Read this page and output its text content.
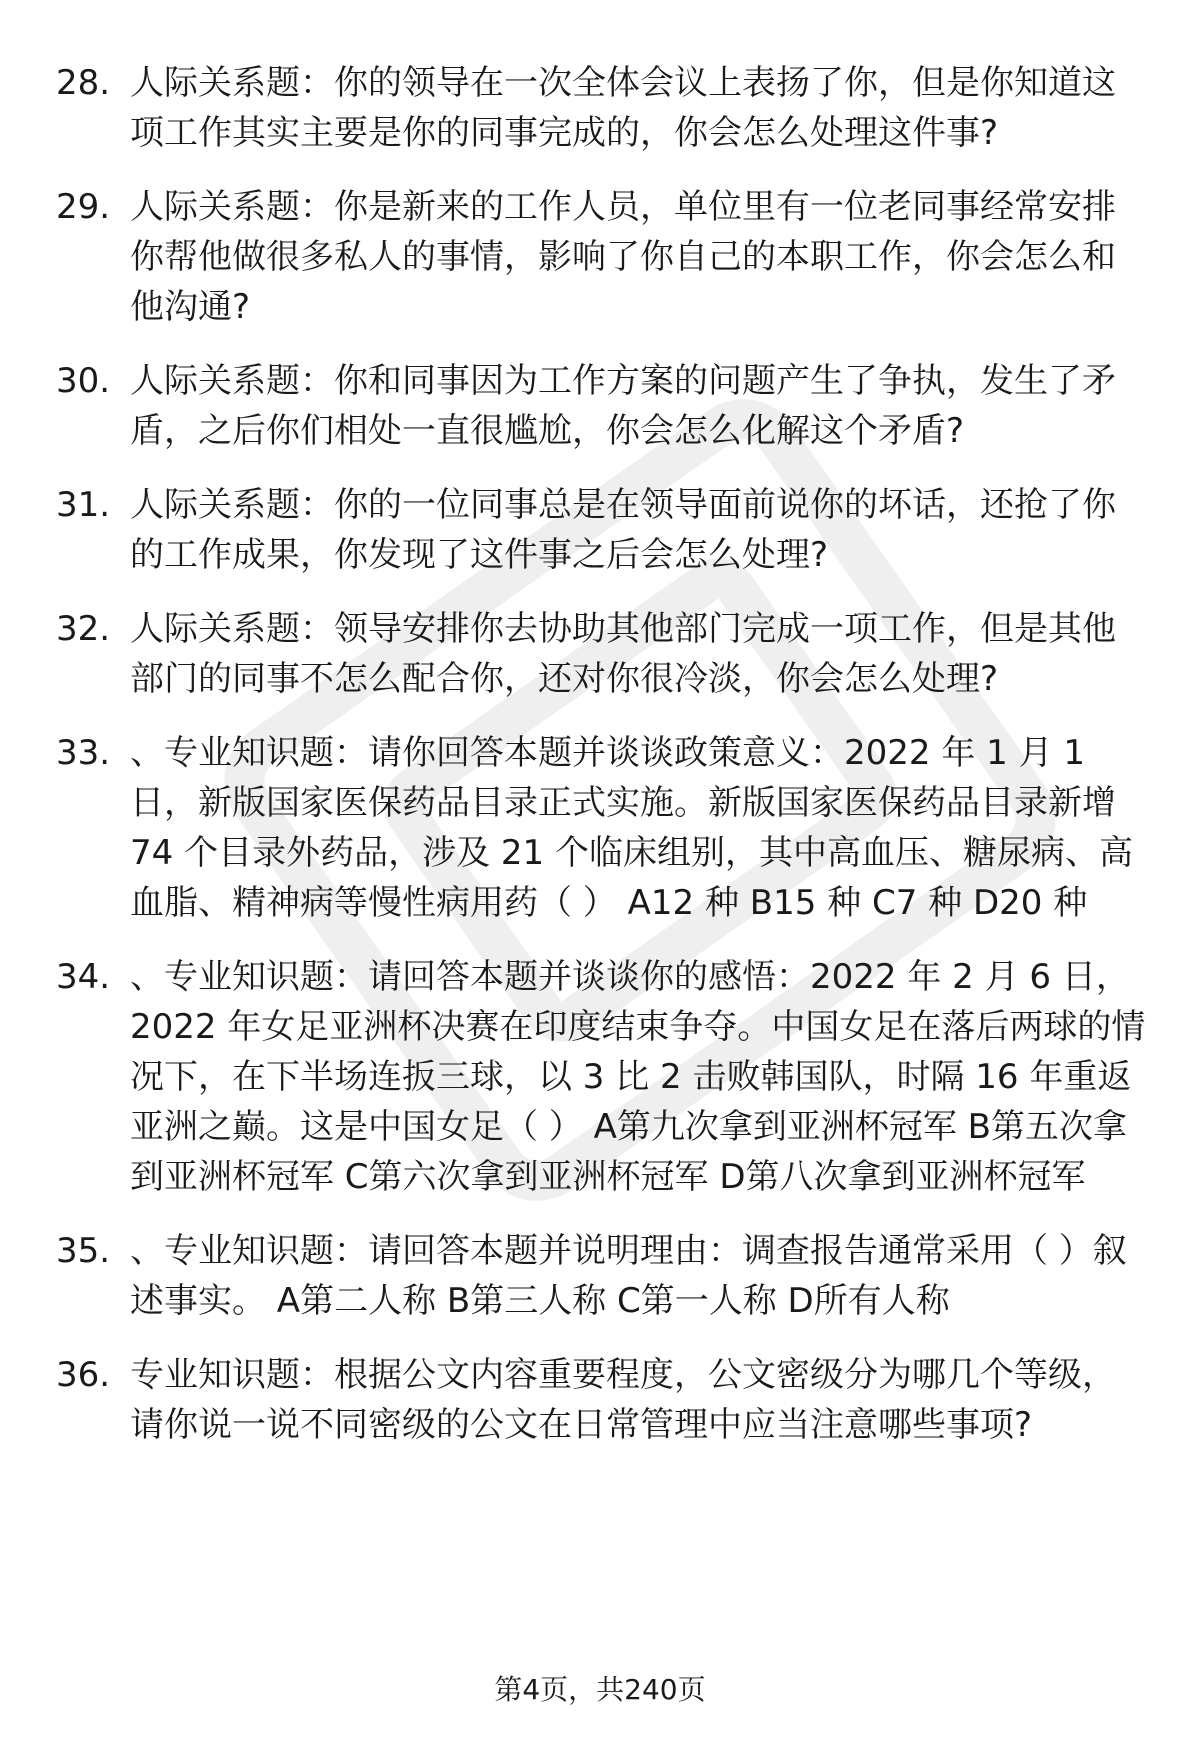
28. 人际关系题：你的领导在一次全体会议上表扬了你，但是你知道这项工作其实主要是你的同事完成的，你会怎么处理这件事?
29. 人际关系题：你是新来的工作人员，单位里有一位老同事经常安排你帮他做很多私人的事情，影响了你自己的本职工作，你会怎么和他沟通?
30. 人际关系题：你和同事因为工作方案的问题产生了争执，发生了矛盾，之后你们相处一直很尴尬，你会怎么化解这个矛盾?
31. 人际关系题：你的一位同事总是在领导面前说你的坏话，还抢了你的工作成果，你发现了这件事之后会怎么处理?
32. 人际关系题：领导安排你去协助其他部门完成一项工作，但是其他部门的同事不怎么配合你，还对你很冷淡，你会怎么处理?
33. 、专业知识题：请你回答本题并谈谈政策意义：2022 年 1 月 1 日，新版国家医保药品目录正式实施。新版国家医保药品目录新增 74 个目录外药品，涉及 21 个临床组别，其中高血压、糖尿病、高血脂、精神病等慢性病用药（ ） A12 种 B15 种 C7 种 D20 种
34. 、专业知识题：请回答本题并谈谈你的感悟：2022 年 2 月 6 日，2022 年女足亚洲杯决赛在印度结束争夺。中国女足在落后两球的情况下，在下半场连扳三球，以 3 比 2 击败韩国队，时隔 16 年重返亚洲之巅。这是中国女足（ ） A第九次拿到亚洲杯冠军 B第五次拿到亚洲杯冠军 C第六次拿到亚洲杯冠军 D第八次拿到亚洲杯冠军
35. 、专业知识题：请回答本题并说明理由：调查报告通常采用（ ）叙述事实。 A第二人称 B第三人称 C第一人称 D所有人称
36. 专业知识题：根据公文内容重要程度，公文密级分为哪几个等级，请你说一说不同密级的公文在日常管理中应当注意哪些事项?
第4页，共240页
